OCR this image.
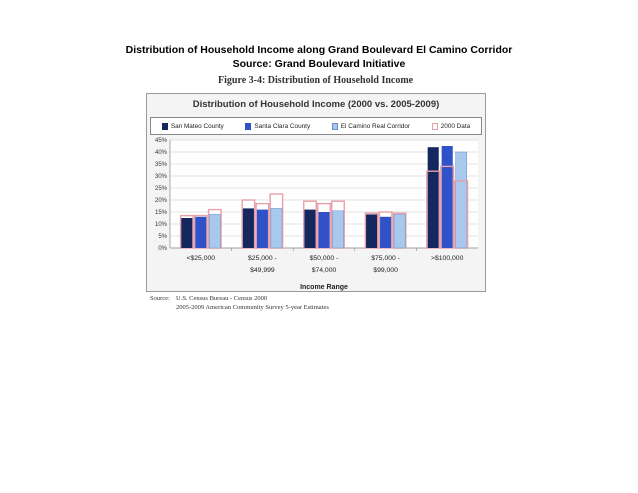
Distribution of Household Income along Grand Boulevard El Camino Corridor
Source: Grand Boulevard Initiative
Figure 3-4: Distribution of Household Income
Distribution of Household Income (2000 vs. 2005-2009)
San Mateo County	Santa Clara County	El Camino Real Corridor	2000 Data
0%
5%
10%
15%
20%
25%
30%
35%
40%
45%
<$25,000	$25,000 -
$49,999
$50,000 -
$74,000
$75,000 -
$99,000
>$100,000
Income Range
Source: U.S. Census Bureau - Census 2000
2005-2009 American Community Survey 5-year Estimates
